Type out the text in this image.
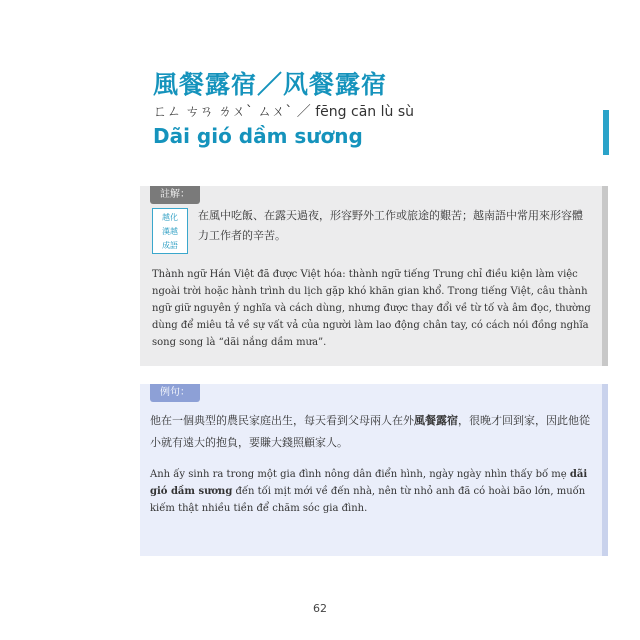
風餐露宿／风餐露宿
ㄈㄥ ㄘㄢ ㄌㄨˋ ㄙㄨˋ ／ fēng cān lù sù
Dãi gió dầm sương
註解：
越化
漢越
成語
在風中吃飯、在露天過夜，形容野外工作或旅途的艱苦；越南語中常用來形容體力工作者的辛苦。
Thành ngữ Hán Việt đã được Việt hóa: thành ngữ tiếng Trung chỉ điều kiện làm việc ngoài trời hoặc hành trình du lịch gặp khó khăn gian khổ. Trong tiếng Việt, câu thành ngữ giữ nguyên ý nghĩa và cách dùng, nhưng được thay đổi về từ tố và âm đọc, thường dùng để miêu tả về sự vất vả của người làm lao động chân tay, có cách nói đồng nghĩa song song là “dãi nắng dầm mưa”.
例句：
他在一個典型的農民家庭出生，每天看到父母兩人在外風餐露宿，很晚才回到家，因此他從小就有遠大的抱負，要賺大錢照顧家人。
Anh ấy sinh ra trong một gia đình nông dân điển hình, ngày ngày nhìn thấy bố mẹ dãi gió dầm sương đến tối mịt mới về đến nhà, nên từ nhỏ anh đã có hoài bão lớn, muốn kiếm thật nhiều tiền để chăm sóc gia đình.
62
